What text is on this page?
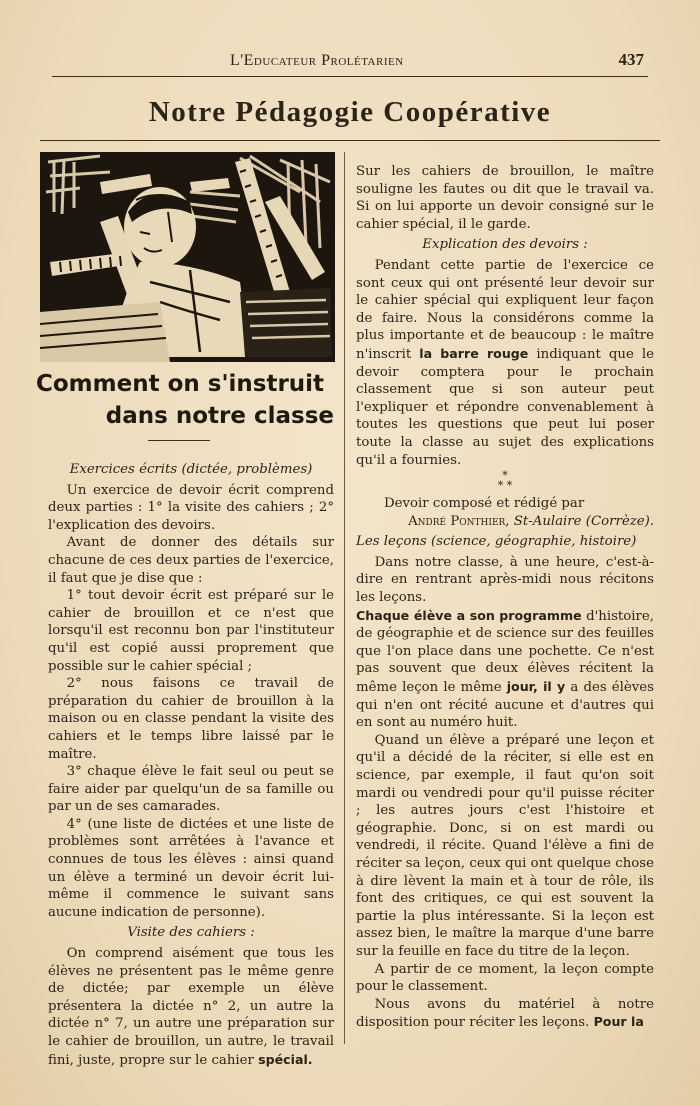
L'Educateur Prolétarien	437
Notre Pédagogie Coopérative
Comment on s'instruit
dans notre classe

Exercices écrits (dictée, problèmes)

Un exercice de devoir écrit comprend deux parties : 1° la visite des cahiers ; 2° l'explication des devoirs.

Avant de donner des détails sur chacune de ces deux parties de l'exercice, il faut que je dise que :

1° tout devoir écrit est préparé sur le cahier de brouillon et ce n'est que lorsqu'il est reconnu bon par l'instituteur qu'il est copié aussi proprement que possible sur le cahier spécial ;

2° nous faisons ce travail de préparation du cahier de brouillon à la maison ou en classe pendant la visite des cahiers et le temps libre laissé par le maître.

3° chaque élève le fait seul ou peut se faire aider par quelqu'un de sa famille ou par un de ses camarades.

4° (une liste de dictées et une liste de problèmes sont arrêtées à l'avance et connues de tous les élèves : ainsi quand un élève a terminé un devoir écrit lui-même il commence le suivant sans aucune indication de personne).

Visite des cahiers :

On comprend aisément que tous les élèves ne présentent pas le même genre de dictée; par exemple un élève présentera la dictée n° 2, un autre la dictée n° 7, un autre une préparation sur le cahier de brouillon, un autre, le travail fini, juste, propre sur le cahier spécial.

Sur les cahiers de brouillon, le maître souligne les fautes ou dit que le travail va. Si on lui apporte un devoir consigné sur le cahier spécial, il le garde.

Explication des devoirs :

Pendant cette partie de l'exercice ce sont ceux qui ont présenté leur devoir sur le cahier spécial qui expliquent leur façon de faire. Nous la considérons comme la plus importante et de beaucoup : le maître n'inscrit la barre rouge indiquant que le devoir comptera pour le prochain classement que si son auteur peut l'expliquer et répondre convenablement à toutes les questions que peut lui poser toute la classe au sujet des explications qu'il a fournies.

*
* *

Devoir composé et rédigé par

André Ponthier, St-Aulaire (Corrèze).

Les leçons (science, géographie, histoire)

Dans notre classe, à une heure, c'est-à-dire en rentrant après-midi nous récitons les leçons.

Chaque élève a son programme d'histoire, de géographie et de science sur des feuilles que l'on place dans une pochette. Ce n'est pas souvent que deux élèves récitent la même leçon le même jour, il y a des élèves qui n'en ont récité aucune et d'autres qui en sont au numéro huit.

Quand un élève a préparé une leçon et qu'il a décidé de la réciter, si elle est en science, par exemple, il faut qu'on soit mardi ou vendredi pour qu'il puisse réciter ; les autres jours c'est l'histoire et géographie. Donc, si on est mardi ou vendredi, il récite. Quand l'élève a fini de réciter sa leçon, ceux qui ont quelque chose à dire lèvent la main et à tour de rôle, ils font des critiques, ce qui est souvent la partie la plus intéressante. Si la leçon est assez bien, le maître la marque d'une barre sur la feuille en face du titre de la leçon.

A partir de ce moment, la leçon compte pour le classement.

Nous avons du matériel à notre disposition pour réciter les leçons. Pour la
